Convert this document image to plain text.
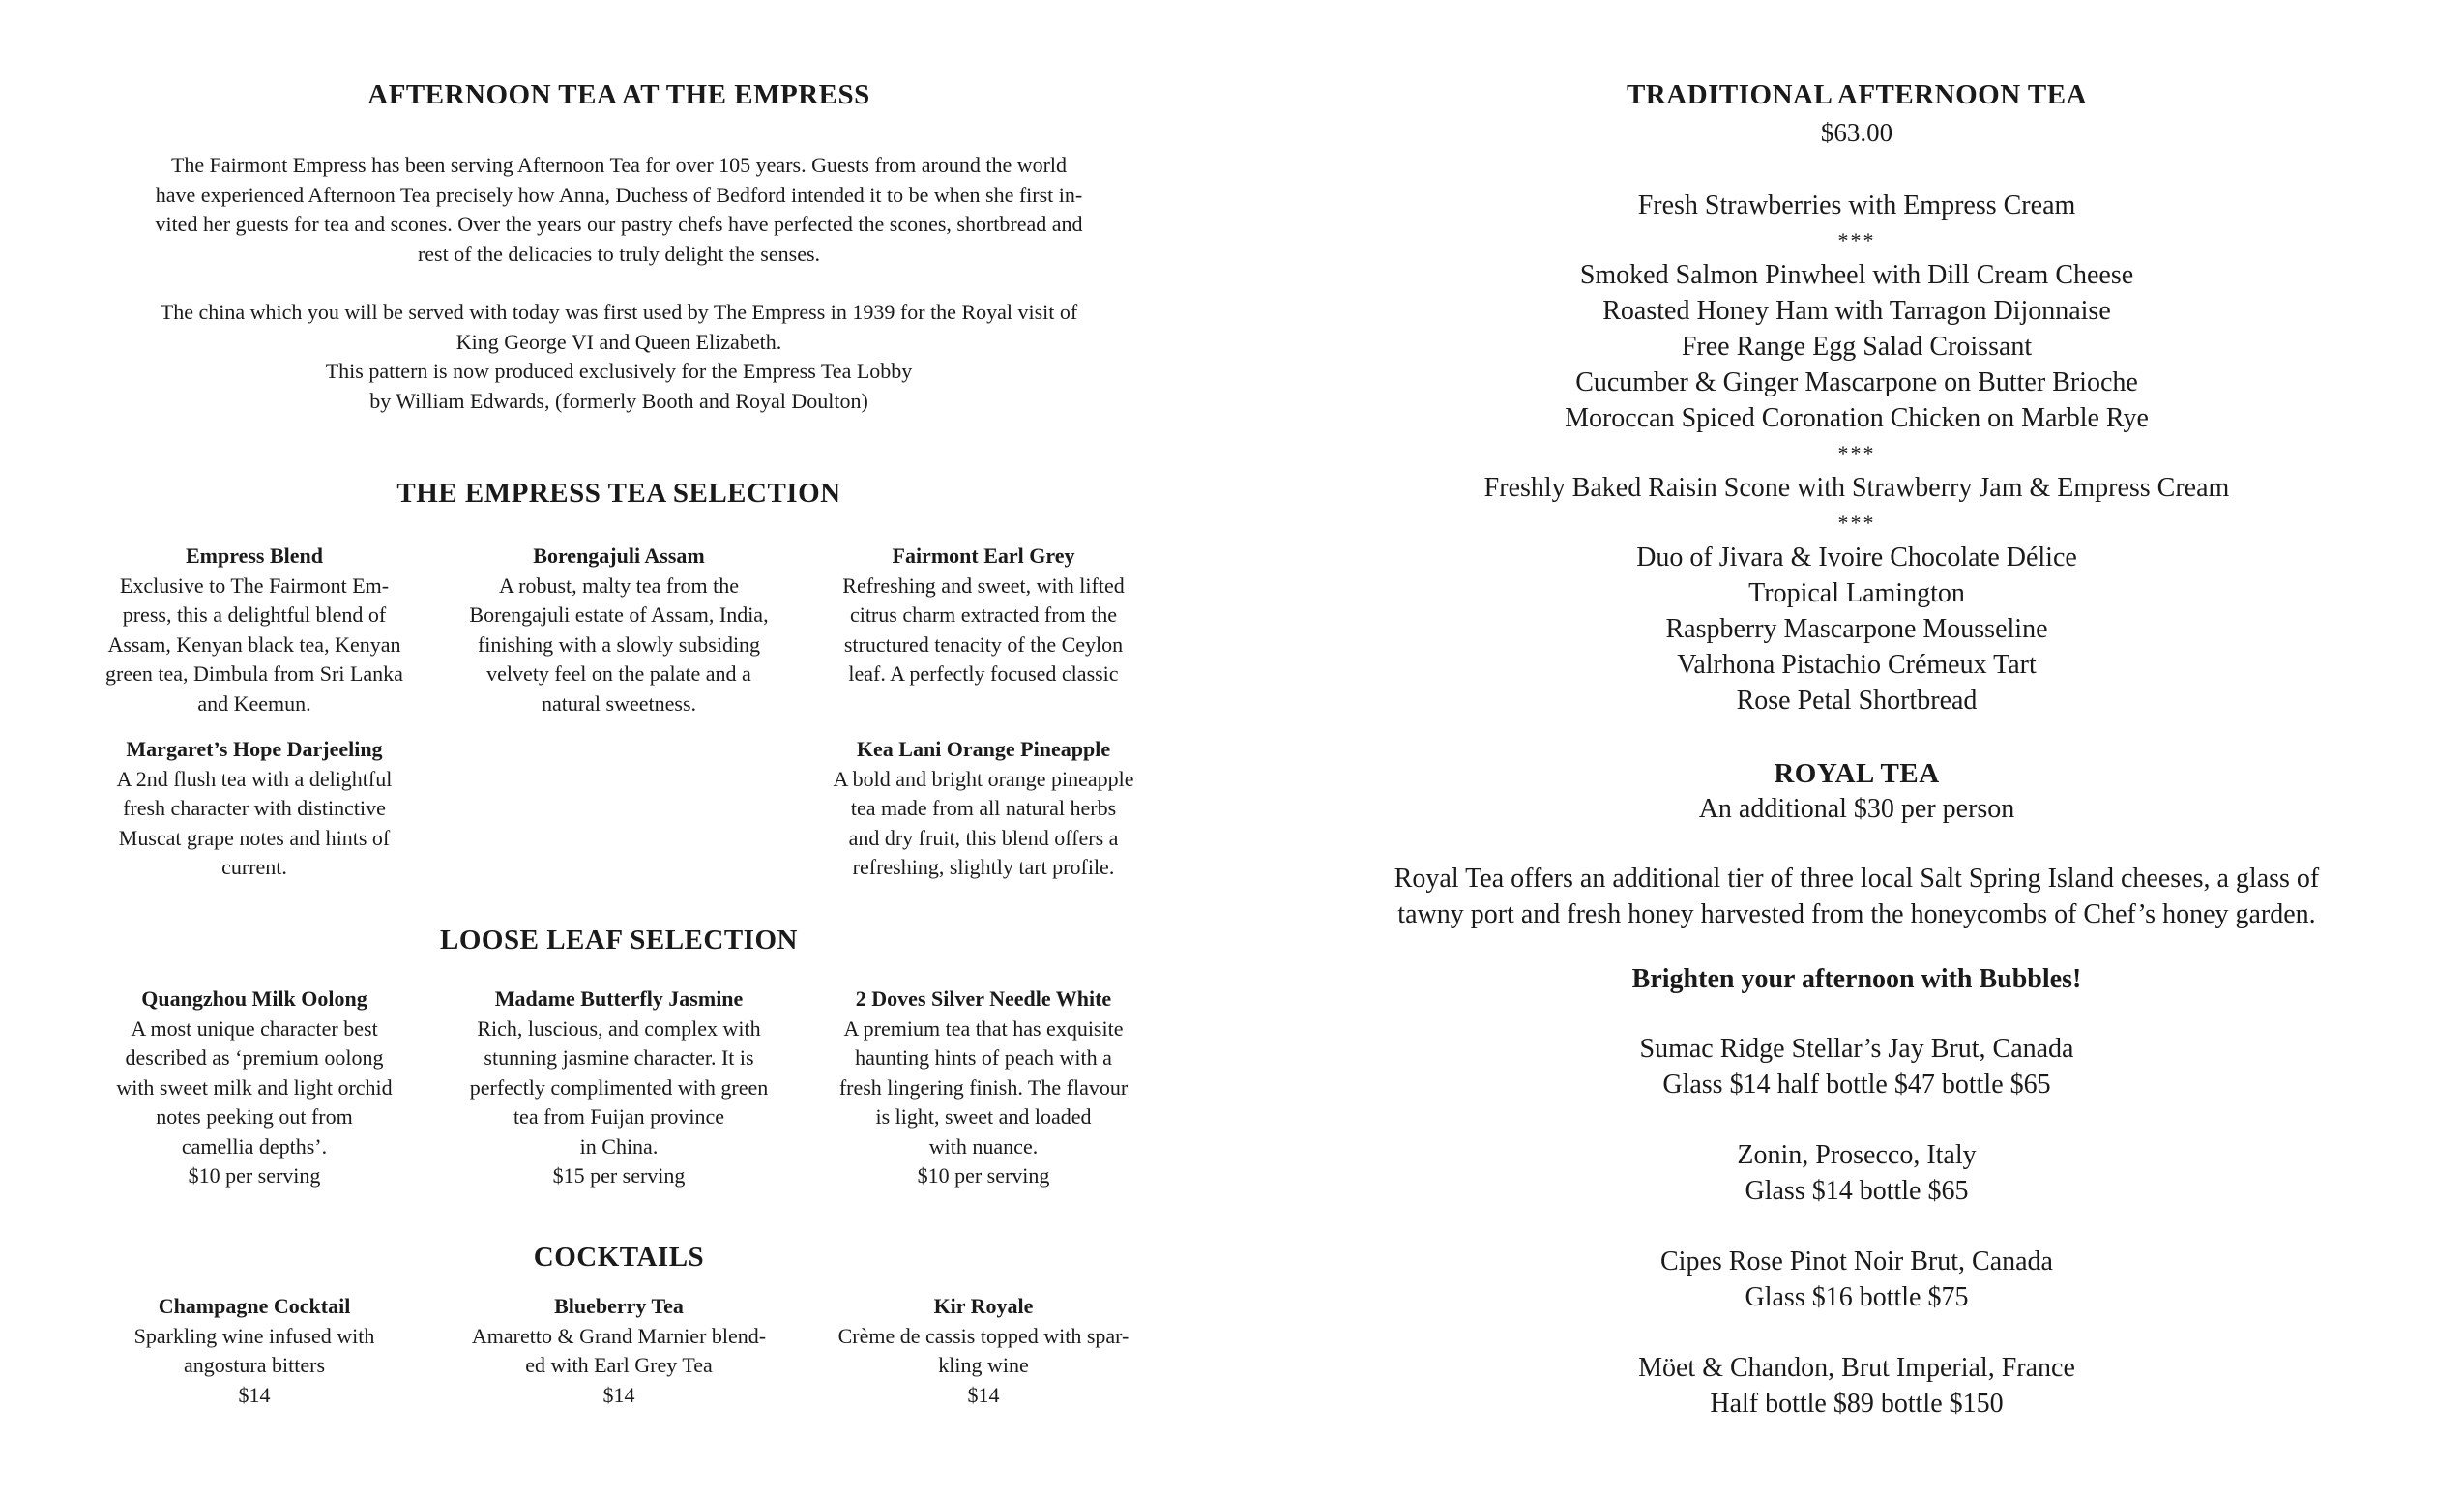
AFTERNOON TEA AT THE EMPRESS
The Fairmont Empress has been serving Afternoon Tea for over 105 years. Guests from around the world
have experienced Afternoon Tea precisely how Anna, Duchess of Bedford intended it to be when she first in-
vited her guests for tea and scones. Over the years our pastry chefs have perfected the scones, shortbread and
rest of the delicacies to truly delight the senses.
The china which you will be served with today was first used by The Empress in 1939 for the Royal visit of
King George VI and Queen Elizabeth.
This pattern is now produced exclusively for the Empress Tea Lobby
by William Edwards, (formerly Booth and Royal Doulton)
THE EMPRESS TEA SELECTION
Empress Blend
Exclusive to The Fairmont Em-
press, this a delightful blend of
Assam, Kenyan black tea, Kenyan
green tea, Dimbula from Sri Lanka
and Keemun.
Borengajuli Assam
A robust, malty tea from the
Borengajuli estate of Assam, India,
finishing with a slowly subsiding
velvety feel on the palate and a
natural sweetness.
Fairmont Earl Grey
Refreshing and sweet, with lifted
citrus charm extracted from the
structured tenacity of the Ceylon
leaf. A perfectly focused classic
Margaret’s Hope Darjeeling
A 2nd flush tea with a delightful
fresh character with distinctive
Muscat grape notes and hints of
current.
Kea Lani Orange Pineapple
A bold and bright orange pineapple
tea made from all natural herbs
and dry fruit, this blend offers a
refreshing, slightly tart profile.
LOOSE LEAF SELECTION
Quangzhou Milk Oolong
A most unique character best
described as ‘premium oolong
with sweet milk and light orchid
notes peeking out from
camellia depths’.
$10 per serving
Madame Butterfly Jasmine
Rich, luscious, and complex with
stunning jasmine character. It is
perfectly complimented with green
tea from Fuijan province
in China.
$15 per serving
2 Doves Silver Needle White
A premium tea that has exquisite
haunting hints of peach with a
fresh lingering finish. The flavour
is light, sweet and loaded
with nuance.
$10 per serving
COCKTAILS
Champagne Cocktail
Sparkling wine infused with
angostura bitters
$14
Blueberry Tea
Amaretto & Grand Marnier blend-
ed with Earl Grey Tea
$14
Kir Royale
Crème de cassis topped with spar-
kling wine
$14
TRADITIONAL AFTERNOON TEA
$63.00
Fresh Strawberries with Empress Cream
***
Smoked Salmon Pinwheel with Dill Cream Cheese
Roasted Honey Ham with Tarragon Dijonnaise
Free Range Egg Salad Croissant
Cucumber & Ginger Mascarpone on Butter Brioche
Moroccan Spiced Coronation Chicken on Marble Rye
***
Freshly Baked Raisin Scone with Strawberry Jam & Empress Cream
***
Duo of Jivara & Ivoire Chocolate Délice
Tropical Lamington
Raspberry Mascarpone Mousseline
Valrhona Pistachio Crémeux Tart
Rose Petal Shortbread
ROYAL TEA
An additional $30 per person
Royal Tea offers an additional tier of three local Salt Spring Island cheeses, a glass of
tawny port and fresh honey harvested from the honeycombs of Chef’s honey garden.
Brighten your afternoon with Bubbles!
Sumac Ridge Stellar’s Jay Brut, Canada
Glass $14 half bottle $47 bottle $65
Zonin, Prosecco, Italy
Glass $14 bottle $65
Cipes Rose Pinot Noir Brut, Canada
Glass $16 bottle $75
Möet & Chandon, Brut Imperial, France
Half bottle $89 bottle $150
